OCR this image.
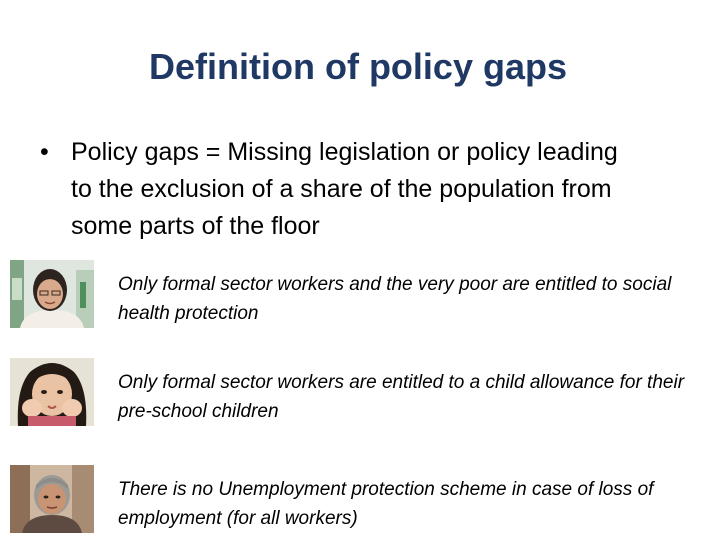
Definition of policy gaps
• Policy gaps = Missing legislation or policy leading to the exclusion of a share of the population from some parts of the floor
Only formal sector workers and the very poor are entitled to social health protection
Only formal sector workers are entitled to a child allowance for their pre-school children
There is no Unemployment protection scheme in case of loss of employment (for all workers)
